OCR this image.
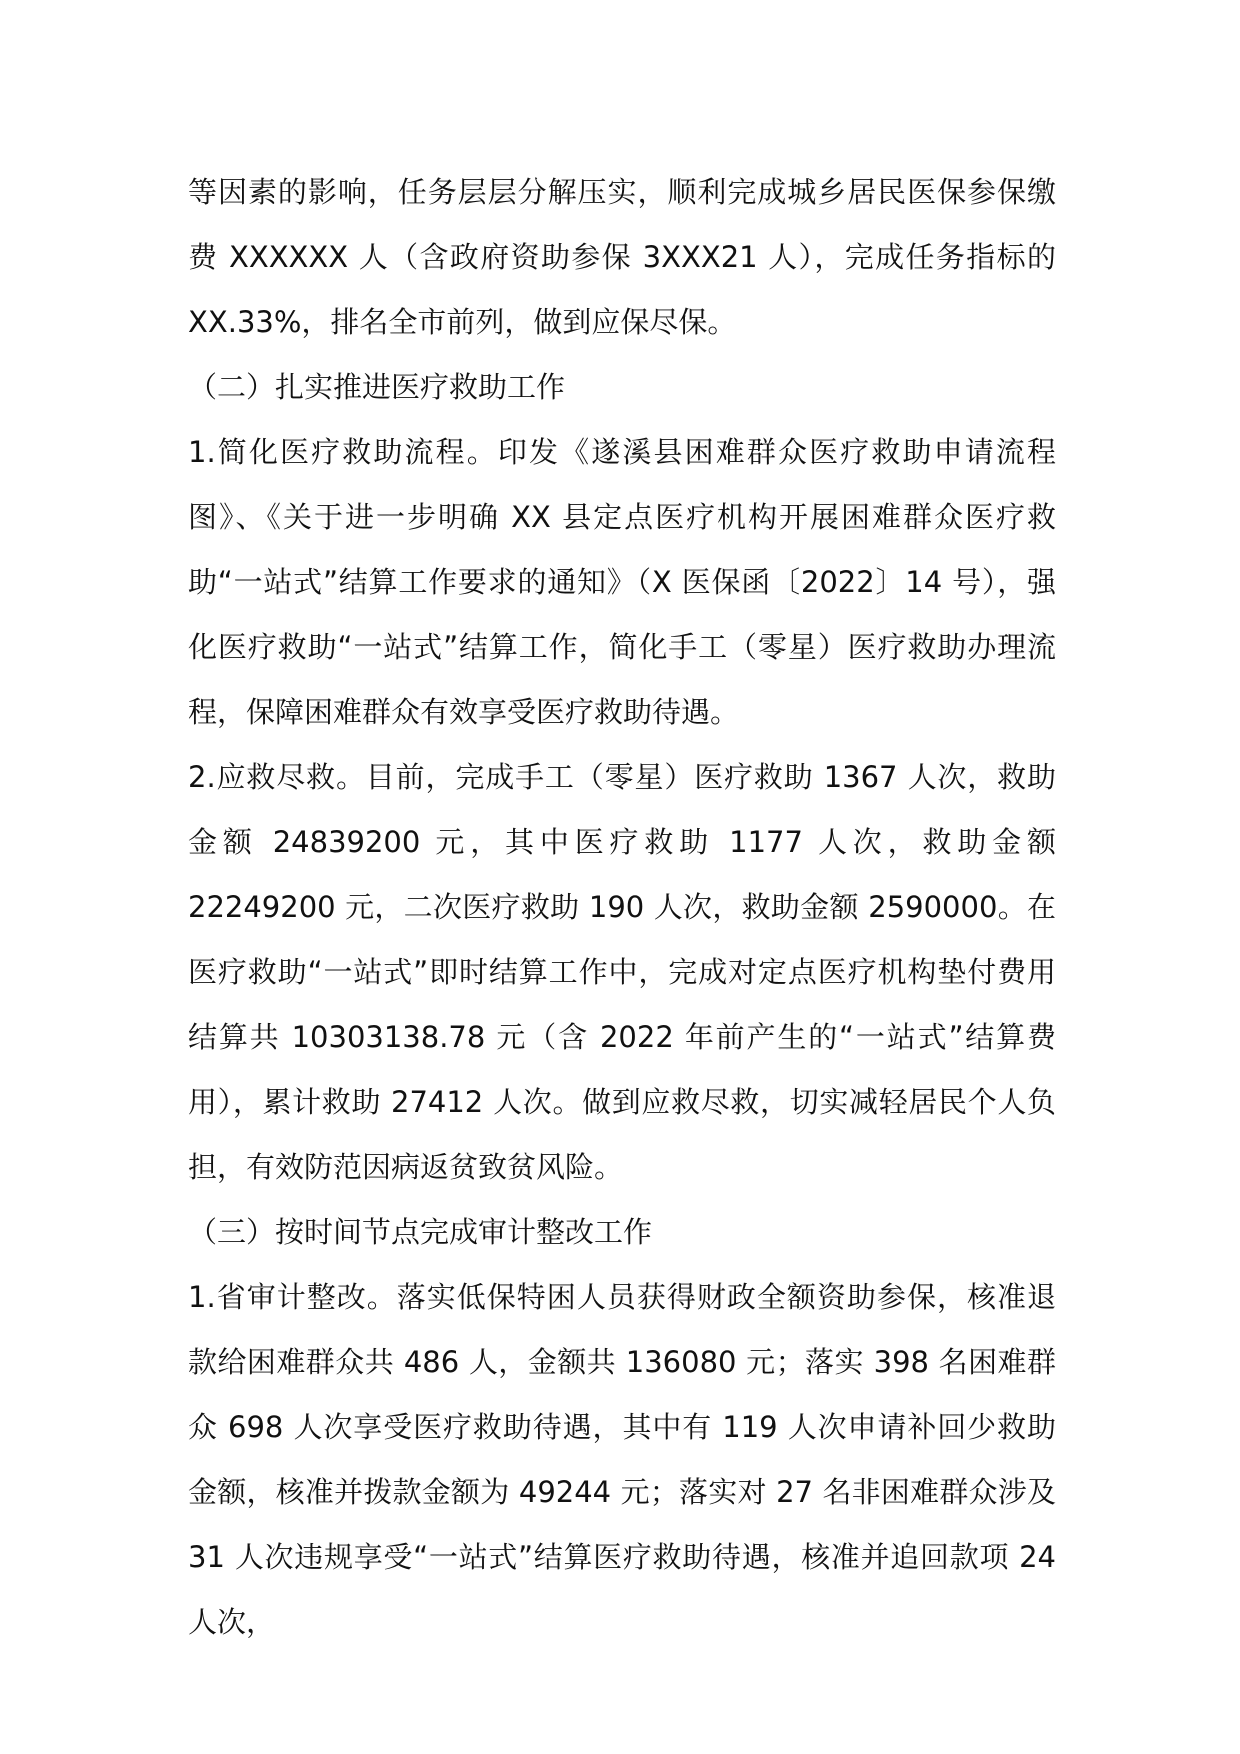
等因素的影响，任务层层分解压实，顺利完成城乡居民医保参保缴费 XXXXXX 人（含政府资助参保 3XXX21 人），完成任务指标的 XX.33%，排名全市前列，做到应保尽保。

（二）扎实推进医疗救助工作

1.简化医疗救助流程。印发《遂溪县困难群众医疗救助申请流程图》、《关于进一步明确 XX 县定点医疗机构开展困难群众医疗救助“一站式”结算工作要求的通知》（X 医保函〔2022〕14 号），强化医疗救助“一站式”结算工作，简化手工（零星）医疗救助办理流程，保障困难群众有效享受医疗救助待遇。

2.应救尽救。目前，完成手工（零星）医疗救助 1367 人次，救助金额 24839200 元，其中医疗救助 1177 人次，救助金额 22249200 元，二次医疗救助 190 人次，救助金额 2590000。在医疗救助“一站式”即时结算工作中，完成对定点医疗机构垫付费用结算共 10303138.78 元（含 2022 年前产生的“一站式”结算费用），累计救助 27412 人次。做到应救尽救，切实减轻居民个人负担，有效防范因病返贫致贫风险。

（三）按时间节点完成审计整改工作

1.省审计整改。落实低保特困人员获得财政全额资助参保，核准退款给困难群众共 486 人，金额共 136080 元；落实 398 名困难群众 698 人次享受医疗救助待遇，其中有 119 人次申请补回少救助金额，核准并拨款金额为 49244 元；落实对 27 名非困难群众涉及 31 人次违规享受“一站式”结算医疗救助待遇，核准并追回款项 24 人次，
